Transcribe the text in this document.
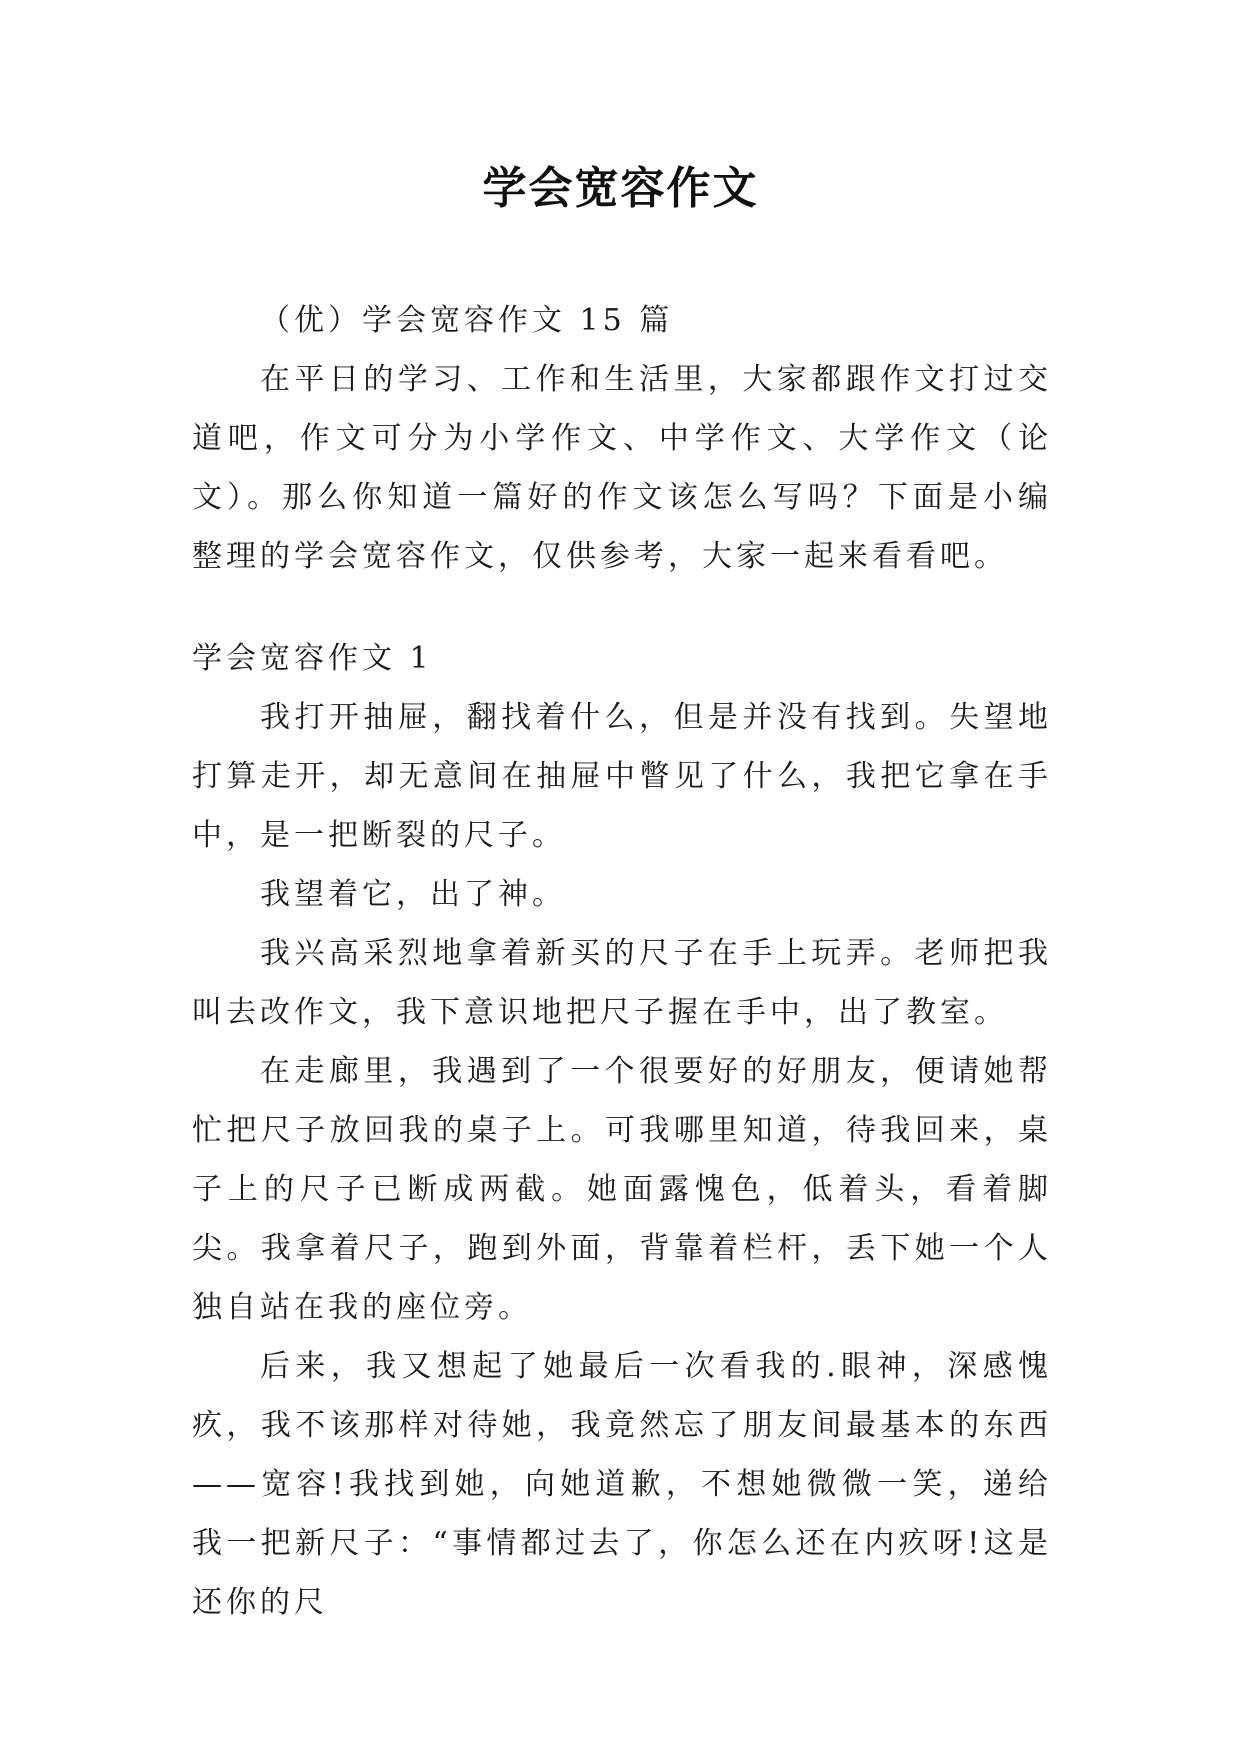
学会宽容作文

（优）学会宽容作文 15 篇

在平日的学习、工作和生活里，大家都跟作文打过交道吧，作文可分为小学作文、中学作文、大学作文（论文）。那么你知道一篇好的作文该怎么写吗？下面是小编整理的学会宽容作文，仅供参考，大家一起来看看吧。

学会宽容作文 1

我打开抽屉，翻找着什么，但是并没有找到。失望地打算走开，却无意间在抽屉中瞥见了什么，我把它拿在手中，是一把断裂的尺子。

我望着它，出了神。

我兴高采烈地拿着新买的尺子在手上玩弄。老师把我叫去改作文，我下意识地把尺子握在手中，出了教室。

在走廊里，我遇到了一个很要好的好朋友，便请她帮忙把尺子放回我的桌子上。可我哪里知道，待我回来，桌子上的尺子已断成两截。她面露愧色，低着头，看着脚尖。我拿着尺子，跑到外面，背靠着栏杆，丢下她一个人独自站在我的座位旁。

后来，我又想起了她最后一次看我的.眼神，深感愧疚，我不该那样对待她，我竟然忘了朋友间最基本的东西——宽容!我找到她，向她道歉，不想她微微一笑，递给我一把新尺子：“事情都过去了，你怎么还在内疚呀!这是还你的尺
